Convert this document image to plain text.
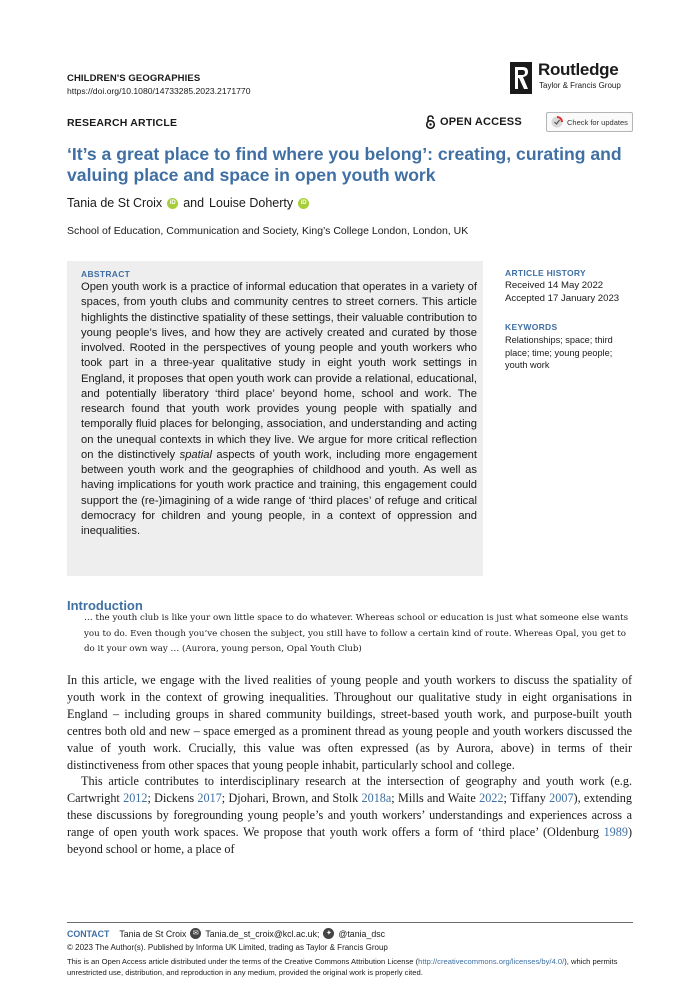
CHILDREN'S GEOGRAPHIES
https://doi.org/10.1080/14733285.2023.2171770
Routledge
Taylor & Francis Group
RESEARCH ARTICLE	OPEN ACCESS	Check for updates
‘It’s a great place to find where you belong’: creating, curating and valuing place and space in open youth work
Tania de St Croix	iD and Louise Doherty	iD
School of Education, Communication and Society, King’s College London, London, UK
ABSTRACT
Open youth work is a practice of informal education that operates in a variety of spaces, from youth clubs and community centres to street corners. This article highlights the distinctive spatiality of these settings, their valuable contribution to young people’s lives, and how they are actively created and curated by those involved. Rooted in the perspectives of young people and youth workers who took part in a three-year qualitative study in eight youth work settings in England, it proposes that open youth work can provide a relational, educational, and potentially liberatory ‘third place’ beyond home, school and work. The research found that youth work provides young people with spatially and temporally fluid places for belonging, association, and understanding and acting on the unequal contexts in which they live. We argue for more critical reflection on the distinctively spatial aspects of youth work, including more engagement between youth work and the geographies of childhood and youth. As well as having implications for youth work practice and training, this engagement could support the (re-)imagining of a wide range of ‘third places’ of refuge and critical democracy for children and young people, in a context of oppression and inequalities.
ARTICLE HISTORY
Received 14 May 2022
Accepted 17 January 2023
KEYWORDS
Relationships; space; third place; time; young people; youth work
Introduction
… the youth club is like your own little space to do whatever. Whereas school or education is just what someone else wants you to do. Even though you’ve chosen the subject, you still have to follow a certain kind of route. Whereas Opal, you get to do it your own way … (Aurora, young person, Opal Youth Club)

In this article, we engage with the lived realities of young people and youth workers to discuss the spatiality of youth work in the context of growing inequalities. Throughout our qualitative study in eight organisations in England – including groups in shared community buildings, street-based youth work, and purpose-built youth centres both old and new – space emerged as a prominent thread as young people and youth workers discussed the value of youth work. Crucially, this value was often expressed (as by Aurora, above) in terms of their distinctiveness from other spaces that young people inhabit, particularly school and college.

This article contributes to interdisciplinary research at the intersection of geography and youth work (e.g. Cartwright 2012; Dickens 2017; Djohari, Brown, and Stolk 2018a; Mills and Waite 2022; Tiffany 2007), extending these discussions by foregrounding young people’s and youth workers’ understandings and experiences across a range of open youth work spaces. We propose that youth work offers a form of ‘third place’ (Oldenburg 1989) beyond school or home, a place of

CONTACT Tania de St Croix ✉ Tania.de_st_croix@kcl.ac.uk; ✦ @tania_dsc
© 2023 The Author(s). Published by Informa UK Limited, trading as Taylor & Francis Group
This is an Open Access article distributed under the terms of the Creative Commons Attribution License (http://creativecommons.org/licenses/by/4.0/), which permits unrestricted use, distribution, and reproduction in any medium, provided the original work is properly cited.
